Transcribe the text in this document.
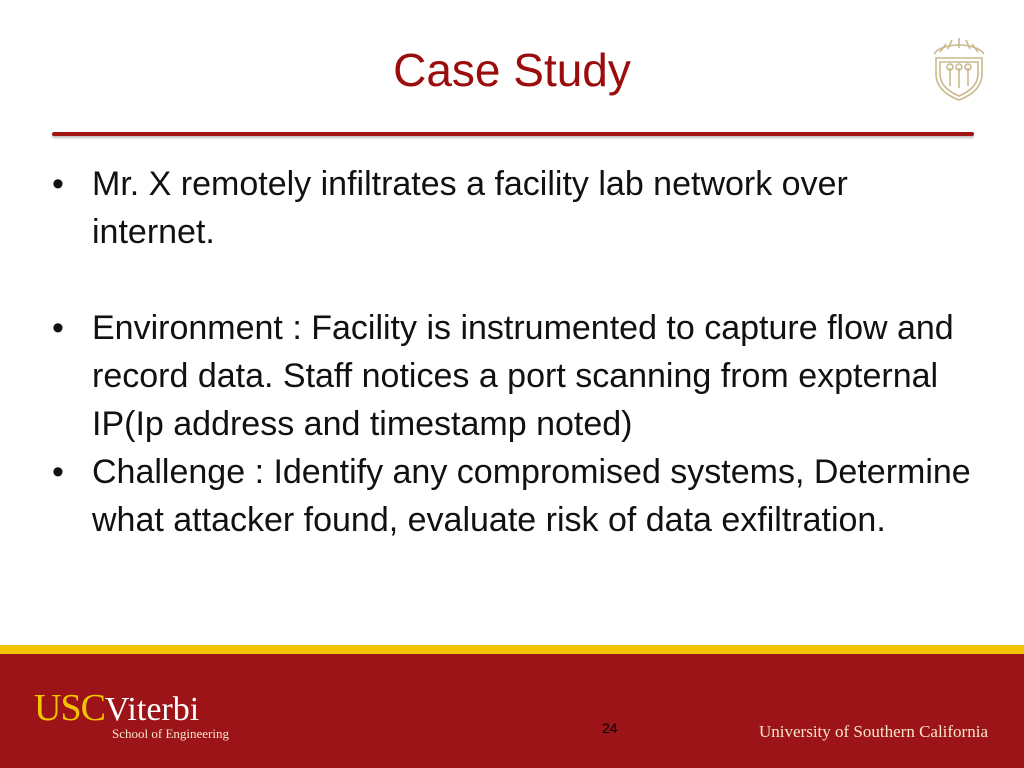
Case Study
• Mr. X remotely infiltrates a facility lab network over internet.
• Environment : Facility is instrumented to capture flow and record data. Staff notices a port scanning from expternal IP(Ip address and timestamp noted)
• Challenge : Identify any compromised systems, Determine what attacker found, evaluate risk of data exfiltration.
USCViterbi
School of Engineering	24	University of Southern California
